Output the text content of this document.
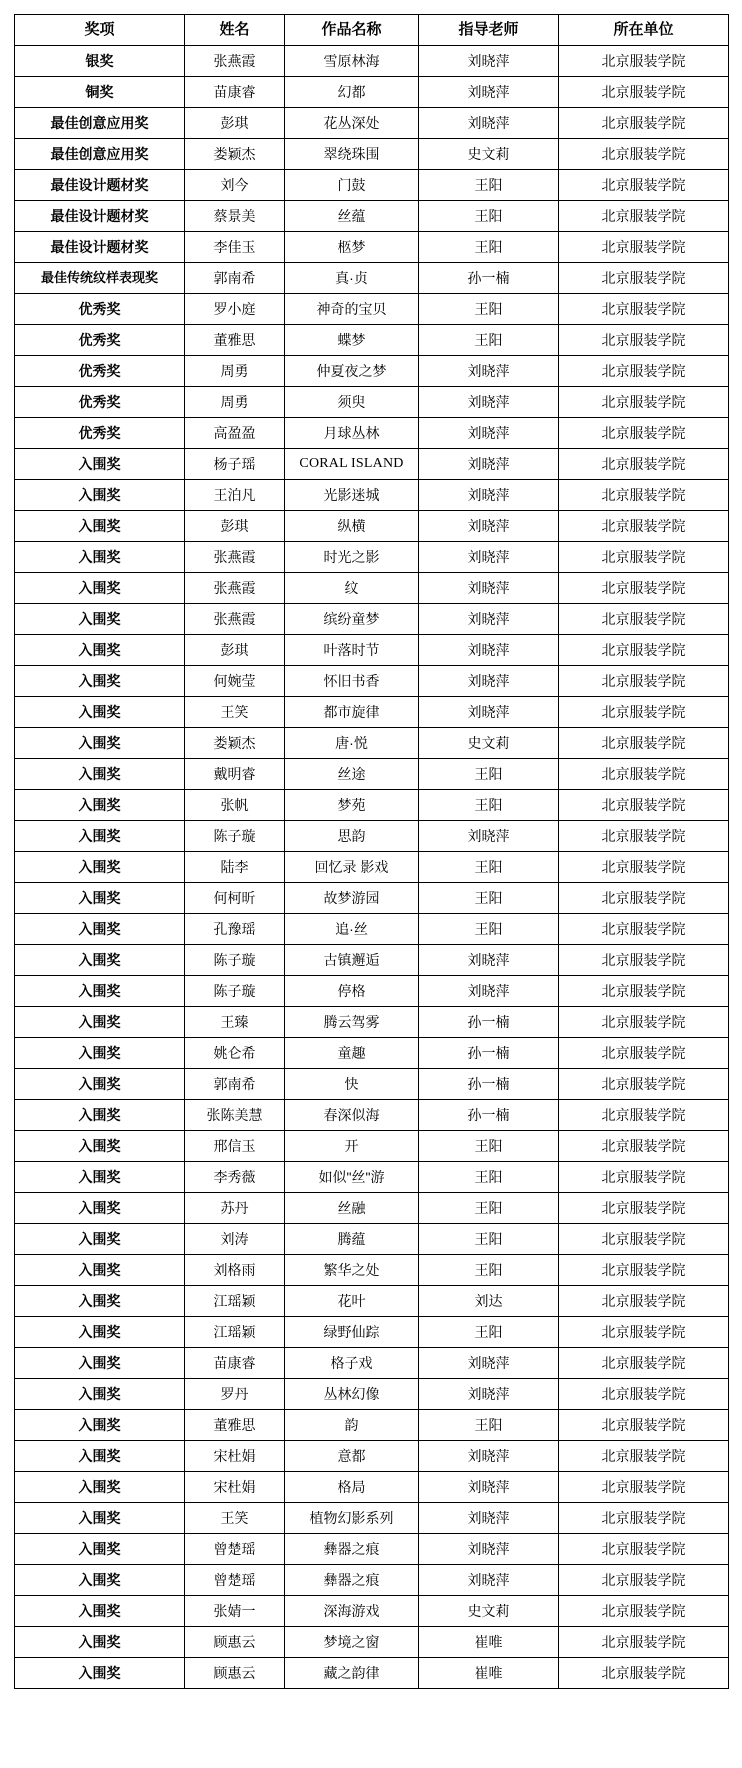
奖项	姓名	作品名称	指导老师	所在单位
银奖	张燕霞	雪原林海	刘晓萍	北京服装学院
铜奖	苗康睿	幻都	刘晓萍	北京服装学院
最佳创意应用奖	彭琪	花丛深处	刘晓萍	北京服装学院
最佳创意应用奖	娄颖杰	翠绕珠围	史文莉	北京服装学院
最佳设计题材奖	刘今	门鼓	王阳	北京服装学院
最佳设计题材奖	蔡景美	丝蕴	王阳	北京服装学院
最佳设计题材奖	李佳玉	柩梦	王阳	北京服装学院
最佳传统纹样表现奖	郭南希	真·贞	孙一楠	北京服装学院
优秀奖	罗小庭	神奇的宝贝	王阳	北京服装学院
优秀奖	董雅思	蝶梦	王阳	北京服装学院
优秀奖	周勇	仲夏夜之梦	刘晓萍	北京服装学院
优秀奖	周勇	须臾	刘晓萍	北京服装学院
优秀奖	高盈盈	月球丛林	刘晓萍	北京服装学院
入围奖	杨子瑶	CORAL ISLAND	刘晓萍	北京服装学院
入围奖	王泊凡	光影迷城	刘晓萍	北京服装学院
入围奖	彭琪	纵横	刘晓萍	北京服装学院
入围奖	张燕霞	时光之影	刘晓萍	北京服装学院
入围奖	张燕霞	纹	刘晓萍	北京服装学院
入围奖	张燕霞	缤纷童梦	刘晓萍	北京服装学院
入围奖	彭琪	叶落时节	刘晓萍	北京服装学院
入围奖	何婉莹	怀旧书香	刘晓萍	北京服装学院
入围奖	王笑	都市旋律	刘晓萍	北京服装学院
入围奖	娄颖杰	唐·悦	史文莉	北京服装学院
入围奖	戴明睿	丝途	王阳	北京服装学院
入围奖	张帆	梦苑	王阳	北京服装学院
入围奖	陈子璇	思韵	刘晓萍	北京服装学院
入围奖	陆李	回忆录 影戏	王阳	北京服装学院
入围奖	何柯昕	故梦游园	王阳	北京服装学院
入围奖	孔豫瑶	追·丝	王阳	北京服装学院
入围奖	陈子璇	古镇邂逅	刘晓萍	北京服装学院
入围奖	陈子璇	停格	刘晓萍	北京服装学院
入围奖	王臻	腾云驾雾	孙一楠	北京服装学院
入围奖	姚仑希	童趣	孙一楠	北京服装学院
入围奖	郭南希	快	孙一楠	北京服装学院
入围奖	张陈美慧	春深似海	孙一楠	北京服装学院
入围奖	邢信玉	开	王阳	北京服装学院
入围奖	李秀薇	如似"丝"游	王阳	北京服装学院
入围奖	苏丹	丝融	王阳	北京服装学院
入围奖	刘涛	腾蕴	王阳	北京服装学院
入围奖	刘格雨	繁华之处	王阳	北京服装学院
入围奖	江瑶颖	花叶	刘达	北京服装学院
入围奖	江瑶颖	绿野仙踪	王阳	北京服装学院
入围奖	苗康睿	格子戏	刘晓萍	北京服装学院
入围奖	罗丹	丛林幻像	刘晓萍	北京服装学院
入围奖	董雅思	韵	王阳	北京服装学院
入围奖	宋杜娟	意都	刘晓萍	北京服装学院
入围奖	宋杜娟	格局	刘晓萍	北京服装学院
入围奖	王笑	植物幻影系列	刘晓萍	北京服装学院
入围奖	曾楚瑶	彝器之痕	刘晓萍	北京服装学院
入围奖	曾楚瑶	彝器之痕	刘晓萍	北京服装学院
入围奖	张婧一	深海游戏	史文莉	北京服装学院
入围奖	顾惠云	梦境之窗	崔唯	北京服装学院
入围奖	顾惠云	藏之韵律	崔唯	北京服装学院
